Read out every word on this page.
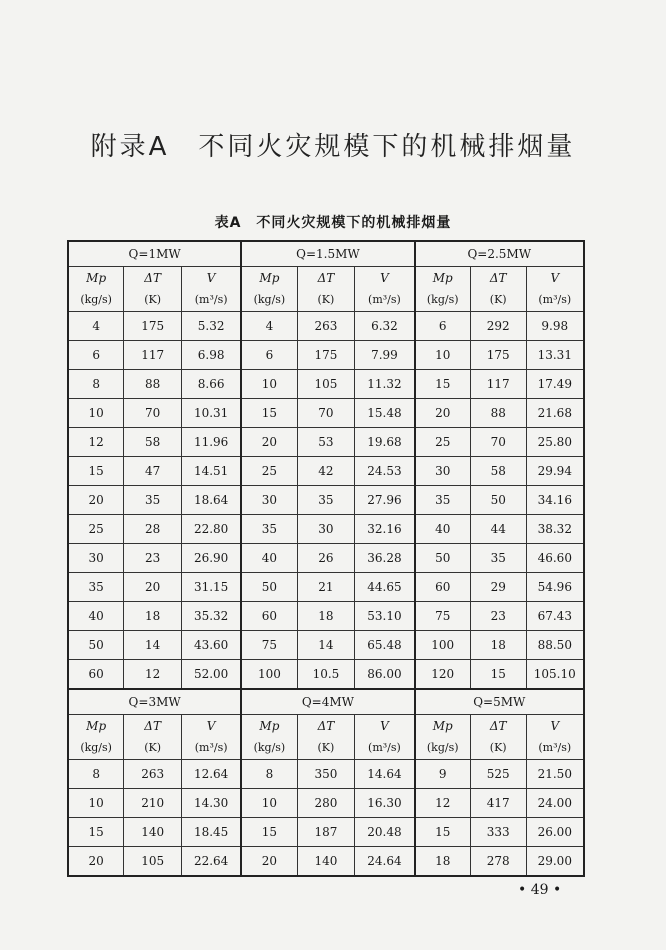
附录A　不同火灾规模下的机械排烟量
表A　不同火灾规模下的机械排烟量
Q=1MW			Q=1.5MW			Q=2.5MW		
Mp	ΔT	V	Mp	ΔT	V	Mp	ΔT	V
(kg/s)	(K)	(m³/s)	(kg/s)	(K)	(m³/s)	(kg/s)	(K)	(m³/s)
4	175	5.32	4	263	6.32	6	292	9.98
6	117	6.98	6	175	7.99	10	175	13.31
8	88	8.66	10	105	11.32	15	117	17.49
10	70	10.31	15	70	15.48	20	88	21.68
12	58	11.96	20	53	19.68	25	70	25.80
15	47	14.51	25	42	24.53	30	58	29.94
20	35	18.64	30	35	27.96	35	50	34.16
25	28	22.80	35	30	32.16	40	44	38.32
30	23	26.90	40	26	36.28	50	35	46.60
35	20	31.15	50	21	44.65	60	29	54.96
40	18	35.32	60	18	53.10	75	23	67.43
50	14	43.60	75	14	65.48	100	18	88.50
60	12	52.00	100	10.5	86.00	120	15	105.10
Q=3MW			Q=4MW			Q=5MW		
Mp	ΔT	V	Mp	ΔT	V	Mp	ΔT	V
(kg/s)	(K)	(m³/s)	(kg/s)	(K)	(m³/s)	(kg/s)	(K)	(m³/s)
8	263	12.64	8	350	14.64	9	525	21.50
10	210	14.30	10	280	16.30	12	417	24.00
15	140	18.45	15	187	20.48	15	333	26.00
20	105	22.64	20	140	24.64	18	278	29.00
• 49 •
